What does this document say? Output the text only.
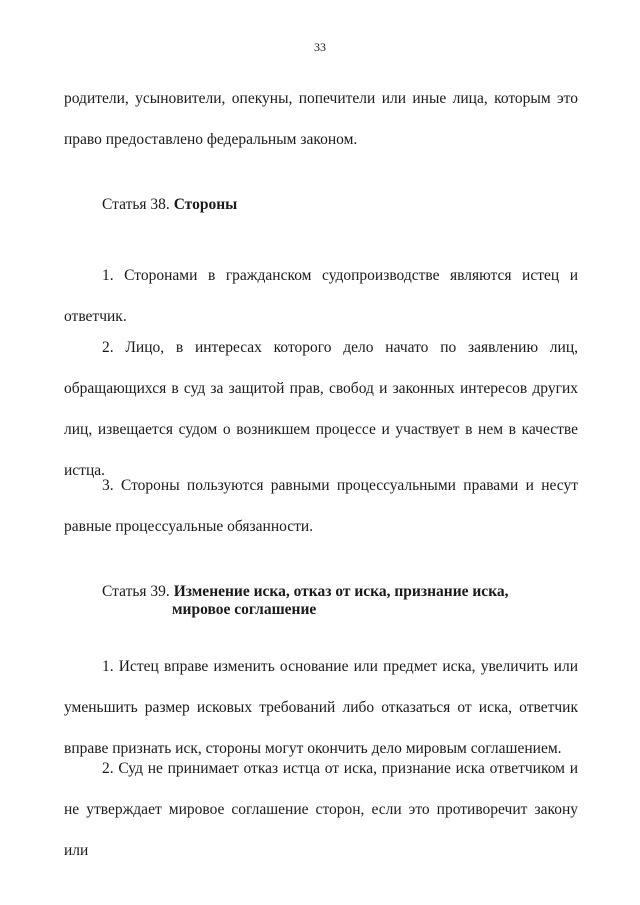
33
родители, усыновители, опекуны, попечители или иные лица, которым это
право предоставлено федеральным законом.
Статья 38. Стороны
1. Сторонами в гражданском судопроизводстве являются истец и
ответчик.
2. Лицо, в интересах которого дело начато по заявлению лиц,
обращающихся в суд за защитой прав, свобод и законных интересов других
лиц, извещается судом о возникшем процессе и участвует в нем в качестве
истца.
3. Стороны пользуются равными процессуальными правами и несут
равные процессуальные обязанности.
Статья 39. Изменение иска, отказ от иска, признание иска,
мировое соглашение
1. Истец вправе изменить основание или предмет иска, увеличить или
уменьшить размер исковых требований либо отказаться от иска, ответчик
вправе признать иск, стороны могут окончить дело мировым соглашением.
2. Суд не принимает отказ истца от иска, признание иска ответчиком и
не утверждает мировое соглашение сторон, если это противоречит закону или
